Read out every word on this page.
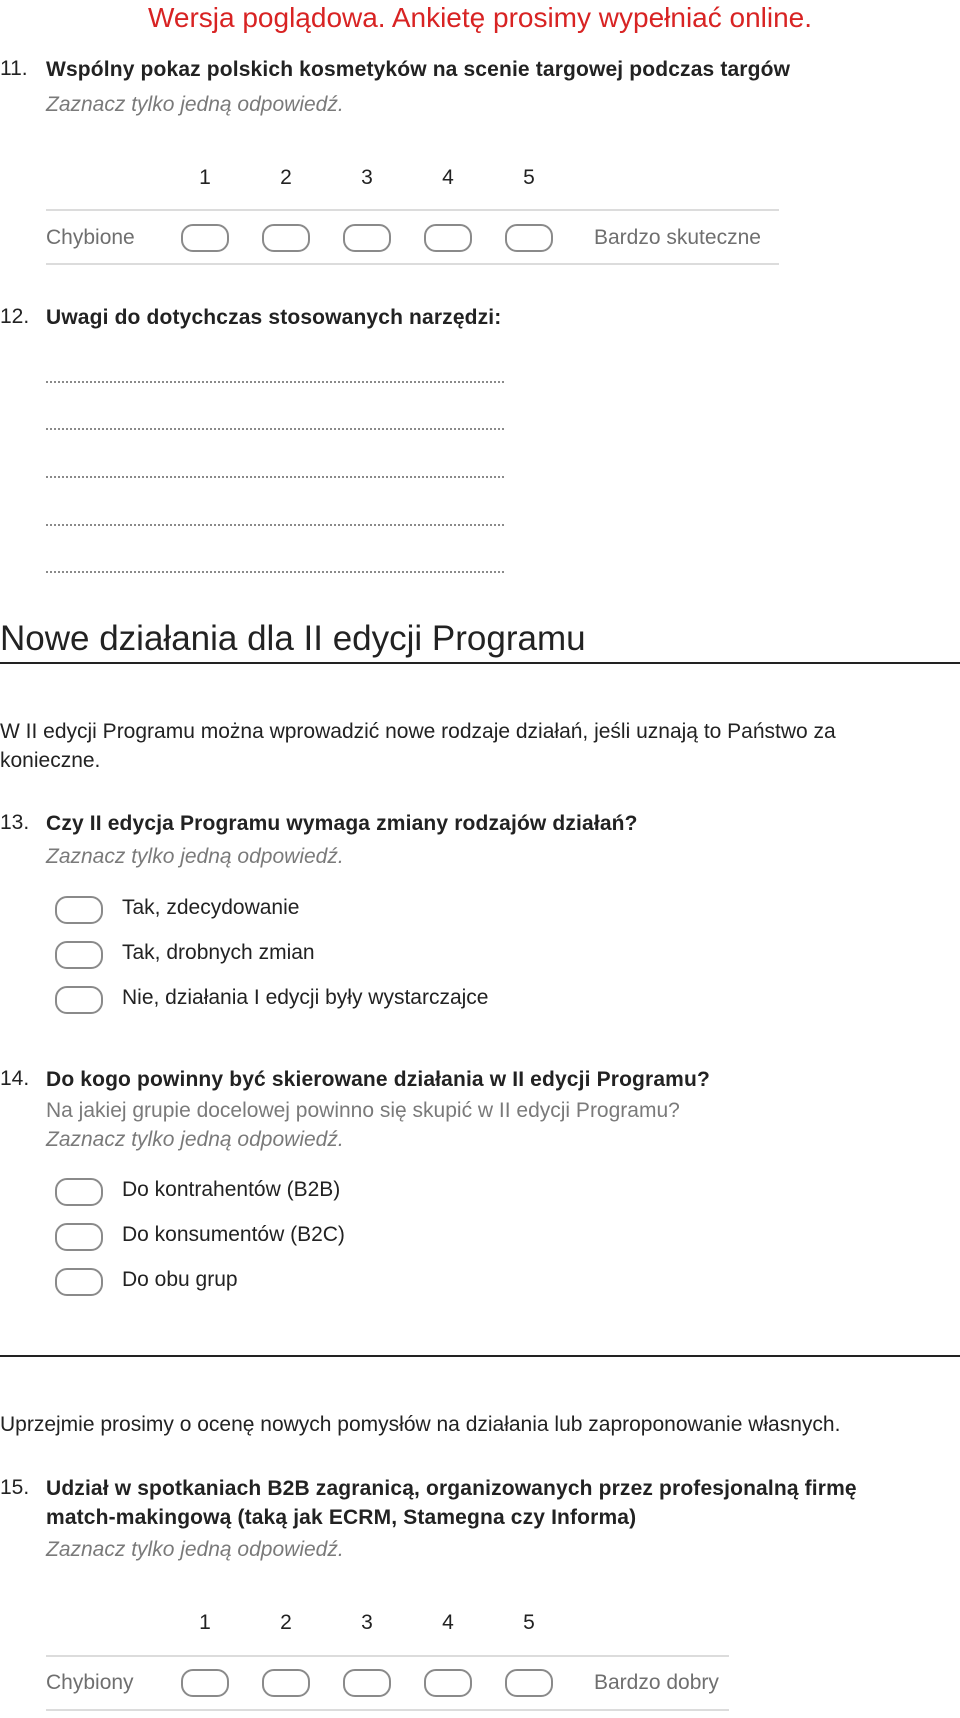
Wersja poglądowa. Ankietę prosimy wypełniać online.
11. Wspólny pokaz polskich kosmetyków na scenie targowej podczas targów
Zaznacz tylko jedną odpowiedź.
1	2	3	4	5
Chybione	Bardzo skuteczne
12. Uwagi do dotychczas stosowanych narzędzi:
Nowe działania dla II edycji Programu
W II edycji Programu można wprowadzić nowe rodzaje działań, jeśli uznają to Państwo za konieczne.
13. Czy II edycja Programu wymaga zmiany rodzajów działań?
Zaznacz tylko jedną odpowiedź.
Tak, zdecydowanie
Tak, drobnych zmian
Nie, działania I edycji były wystarczajce
14. Do kogo powinny być skierowane działania w II edycji Programu?
Na jakiej grupie docelowej powinno się skupić w II edycji Programu?
Zaznacz tylko jedną odpowiedź.
Do kontrahentów (B2B)
Do konsumentów (B2C)
Do obu grup
Uprzejmie prosimy o ocenę nowych pomysłów na działania lub zaproponowanie własnych.
15. Udział w spotkaniach B2B zagranicą, organizowanych przez profesjonalną firmę
match-makingową (taką jak ECRM, Stamegna czy Informa)
Zaznacz tylko jedną odpowiedź.
1	2	3	4	5
Chybiony	Bardzo dobry
